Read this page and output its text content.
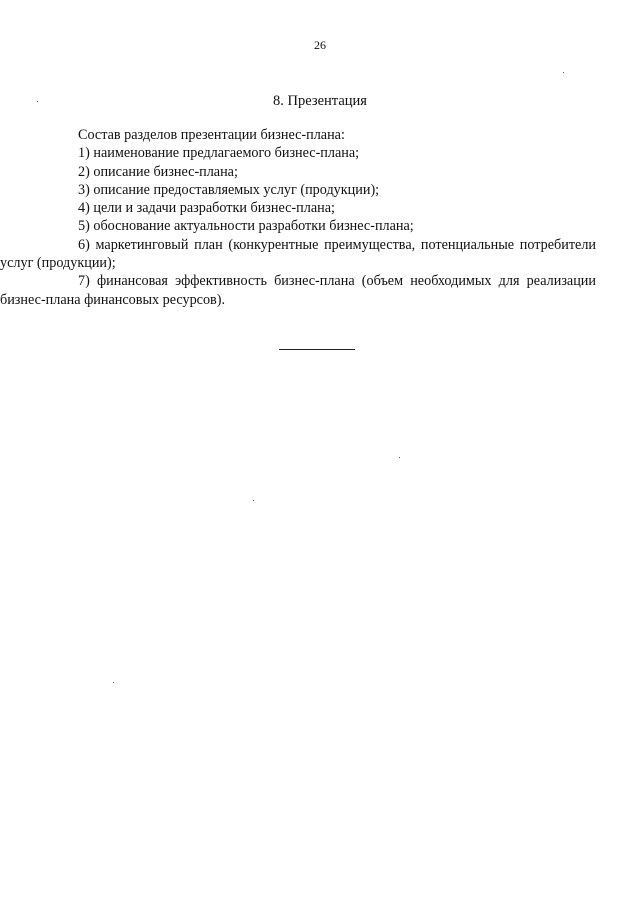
26
8. Презентация

Состав разделов презентации бизнес-плана:

1) наименование предлагаемого бизнес-плана;

2) описание бизнес-плана;

3) описание предоставляемых услуг (продукции);

4) цели и задачи разработки бизнес-плана;

5) обоснование актуальности разработки бизнес-плана;

6) маркетинговый план (конкурентные преимущества, потенциальные потребители услуг (продукции);

7) финансовая эффективность бизнес-плана (объем необходимых для реализации бизнес-плана финансовых ресурсов).
